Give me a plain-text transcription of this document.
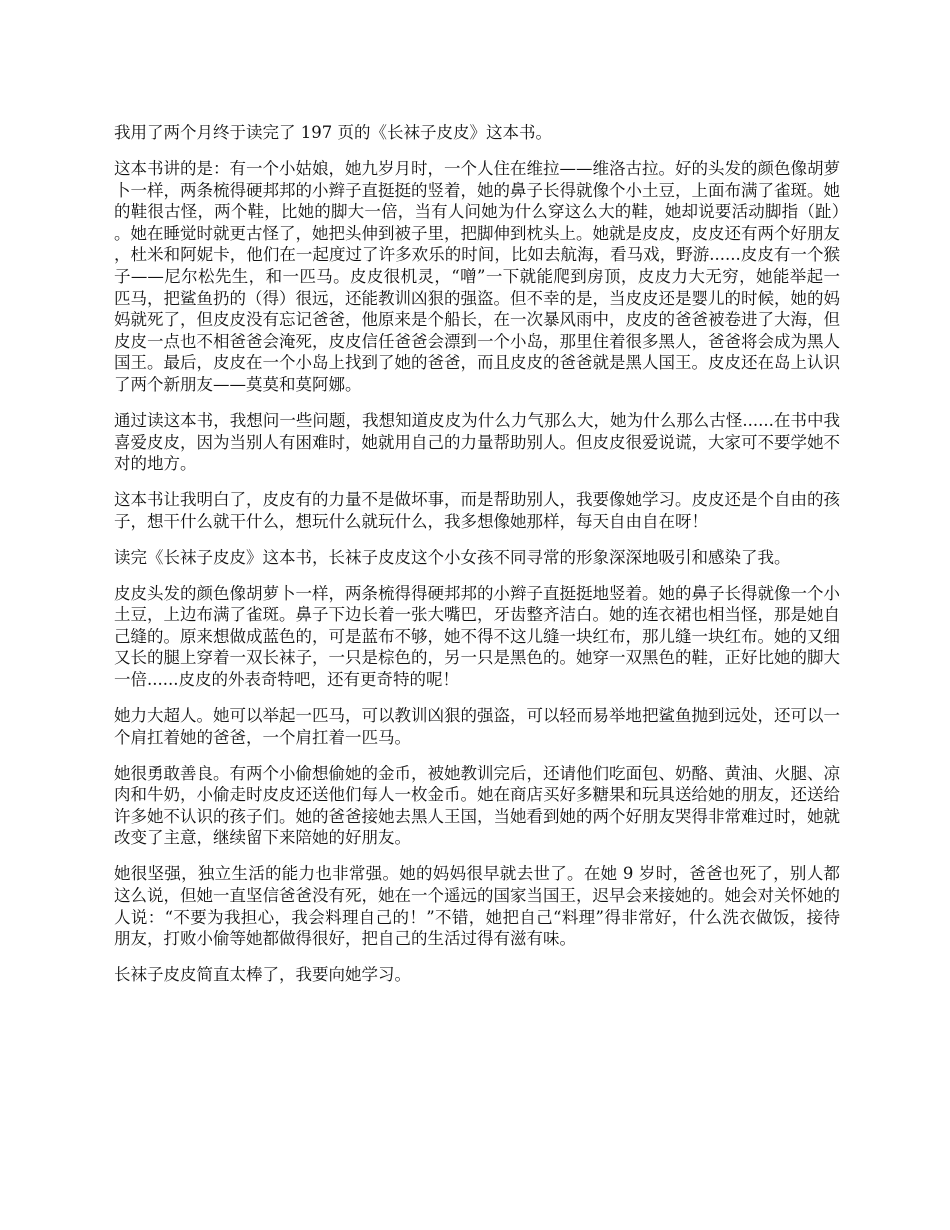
我用了两个月终于读完了 197 页的《长袜子皮皮》这本书。

这本书讲的是：有一个小姑娘，她九岁月时，一个人住在维拉——维洛古拉。好的头发的颜色像胡萝卜一样，两条梳得硬邦邦的小辫子直挺挺的竖着，她的鼻子长得就像个小土豆，上面布满了雀斑。她的鞋很古怪，两个鞋，比她的脚大一倍，当有人问她为什么穿这么大的鞋，她却说要活动脚指（趾）。她在睡觉时就更古怪了，她把头伸到被子里，把脚伸到枕头上。她就是皮皮，皮皮还有两个好朋友，杜米和阿妮卡，他们在一起度过了许多欢乐的时间，比如去航海，看马戏，野游......皮皮有一个猴子——尼尔松先生，和一匹马。皮皮很机灵，“噌”一下就能爬到房顶，皮皮力大无穷，她能举起一匹马，把鲨鱼扔的（得）很远，还能教训凶狠的强盗。但不幸的是，当皮皮还是婴儿的时候，她的妈妈就死了，但皮皮没有忘记爸爸，他原来是个船长，在一次暴风雨中，皮皮的爸爸被卷进了大海，但皮皮一点也不相爸爸会淹死，皮皮信任爸爸会漂到一个小岛，那里住着很多黑人，爸爸将会成为黑人国王。最后，皮皮在一个小岛上找到了她的爸爸，而且皮皮的爸爸就是黑人国王。皮皮还在岛上认识了两个新朋友——莫莫和莫阿娜。

通过读这本书，我想问一些问题，我想知道皮皮为什么力气那么大，她为什么那么古怪......在书中我喜爱皮皮，因为当别人有困难时，她就用自己的力量帮助别人。但皮皮很爱说谎，大家可不要学她不对的地方。

这本书让我明白了，皮皮有的力量不是做坏事，而是帮助别人，我要像她学习。皮皮还是个自由的孩子，想干什么就干什么，想玩什么就玩什么，我多想像她那样，每天自由自在呀！

读完《长袜子皮皮》这本书，长袜子皮皮这个小女孩不同寻常的形象深深地吸引和感染了我。

皮皮头发的颜色像胡萝卜一样，两条梳得得硬邦邦的小辫子直挺挺地竖着。她的鼻子长得就像一个小土豆，上边布满了雀斑。鼻子下边长着一张大嘴巴，牙齿整齐洁白。她的连衣裙也相当怪，那是她自己缝的。原来想做成蓝色的，可是蓝布不够，她不得不这儿缝一块红布，那儿缝一块红布。她的又细又长的腿上穿着一双长袜子，一只是棕色的，另一只是黑色的。她穿一双黑色的鞋，正好比她的脚大一倍......皮皮的外表奇特吧，还有更奇特的呢！

她力大超人。她可以举起一匹马，可以教训凶狠的强盗，可以轻而易举地把鲨鱼抛到远处，还可以一个肩扛着她的爸爸，一个肩扛着一匹马。

她很勇敢善良。有两个小偷想偷她的金币，被她教训完后，还请他们吃面包、奶酪、黄油、火腿、凉肉和牛奶，小偷走时皮皮还送他们每人一枚金币。她在商店买好多糖果和玩具送给她的朋友，还送给许多她不认识的孩子们。她的爸爸接她去黑人王国，当她看到她的两个好朋友哭得非常难过时，她就改变了主意，继续留下来陪她的好朋友。

她很坚强，独立生活的能力也非常强。她的妈妈很早就去世了。在她 9 岁时，爸爸也死了，别人都这么说，但她一直坚信爸爸没有死，她在一个遥远的国家当国王，迟早会来接她的。她会对关怀她的人说：“不要为我担心，我会料理自己的！”不错，她把自己“料理”得非常好，什么洗衣做饭，接待朋友，打败小偷等她都做得很好，把自己的生活过得有滋有味。

长袜子皮皮简直太棒了，我要向她学习。
